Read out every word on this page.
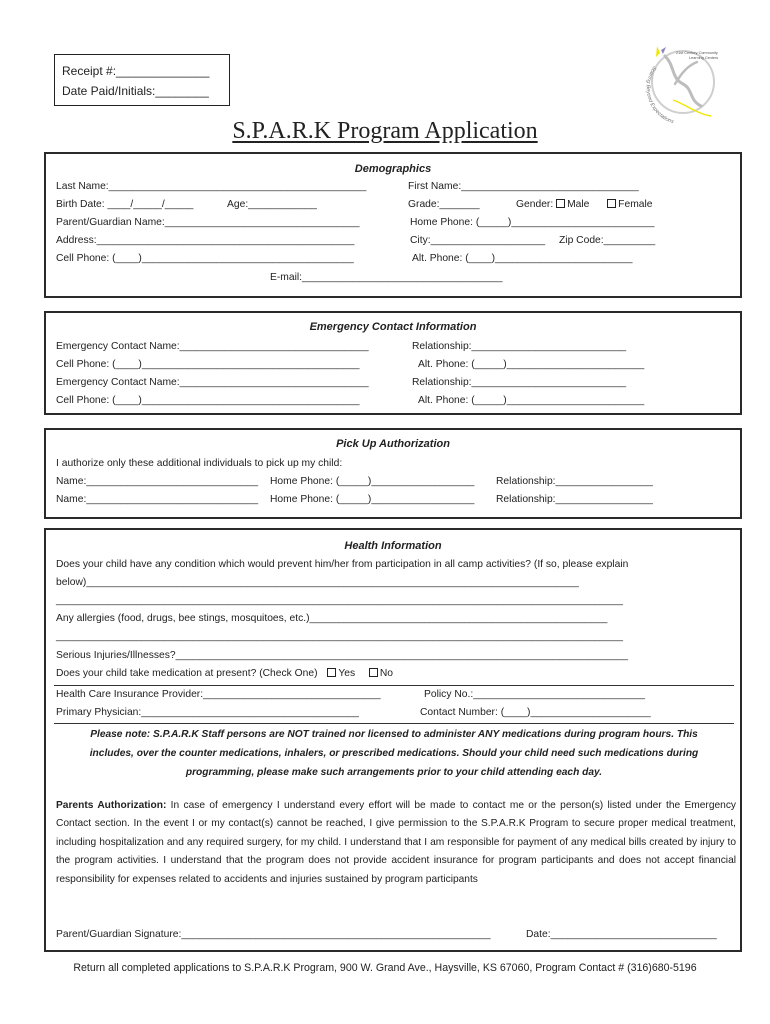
Receipt #:______________
Date Paid/Initials:________
21st Century Community
Learning Centers
Soaring Beyond Expectations
S.P.A.R.K Program Application
Demographics
Last Name:_____________________________________________	First Name:_______________________________
Birth Date: ____/_____/_____	Age:____________	Grade:_______	Gender: Male	Female
Parent/Guardian Name:__________________________________	Home Phone: (_____)_________________________
Address:_____________________________________________	City:____________________ Zip Code:_________
Cell Phone: (____)_____________________________________	Alt. Phone: (____)________________________
E-mail:___________________________________
Emergency Contact Information
Emergency Contact Name:_________________________________	Relationship:___________________________
Cell Phone: (____)______________________________________	Alt. Phone: (_____)________________________
Emergency Contact Name:_________________________________	Relationship:___________________________
Cell Phone: (____)______________________________________	Alt. Phone: (_____)________________________
Pick Up Authorization
I authorize only these additional individuals to pick up my child:
Name:______________________________ Home Phone: (_____)__________________ Relationship:_________________
Name:______________________________ Home Phone: (_____)__________________ Relationship:_________________
Health Information
Does your child have any condition which would prevent him/her from participation in all camp activities? (If so, please explain
below)______________________________________________________________________________________
___________________________________________________________________________________________________
Any allergies (food, drugs, bee stings, mosquitoes, etc.)____________________________________________________
___________________________________________________________________________________________________
Serious Injuries/Illnesses?_______________________________________________________________________________
Does your child take medication at present? (Check One) Yes No
Health Care Insurance Provider:_______________________________	Policy No.:______________________________
Primary Physician:______________________________________	Contact Number: (____)_____________________
Please note: S.P.A.R.K Staff persons are NOT trained nor licensed to administer ANY medications during program hours. This
includes, over the counter medications, inhalers, or prescribed medications. Should your child need such medications during
programming, please make such arrangements prior to your child attending each day.
Parents Authorization: In case of emergency I understand every effort will be made to contact me or the person(s) listed under the Emergency Contact section. In the event I or my contact(s) cannot be reached, I give permission to the S.P.A.R.K Program to secure proper medical treatment, including hospitalization and any required surgery, for my child. I understand that I am responsible for payment of any medical bills created by injury to the program activities. I understand that the program does not provide accident insurance for program participants and does not accept financial responsibility for expenses related to accidents and injuries sustained by program participants
Parent/Guardian Signature:______________________________________________________	Date:_____________________________
Return all completed applications to S.P.A.R.K Program, 900 W. Grand Ave., Haysville, KS 67060, Program Contact # (316)680-5196
